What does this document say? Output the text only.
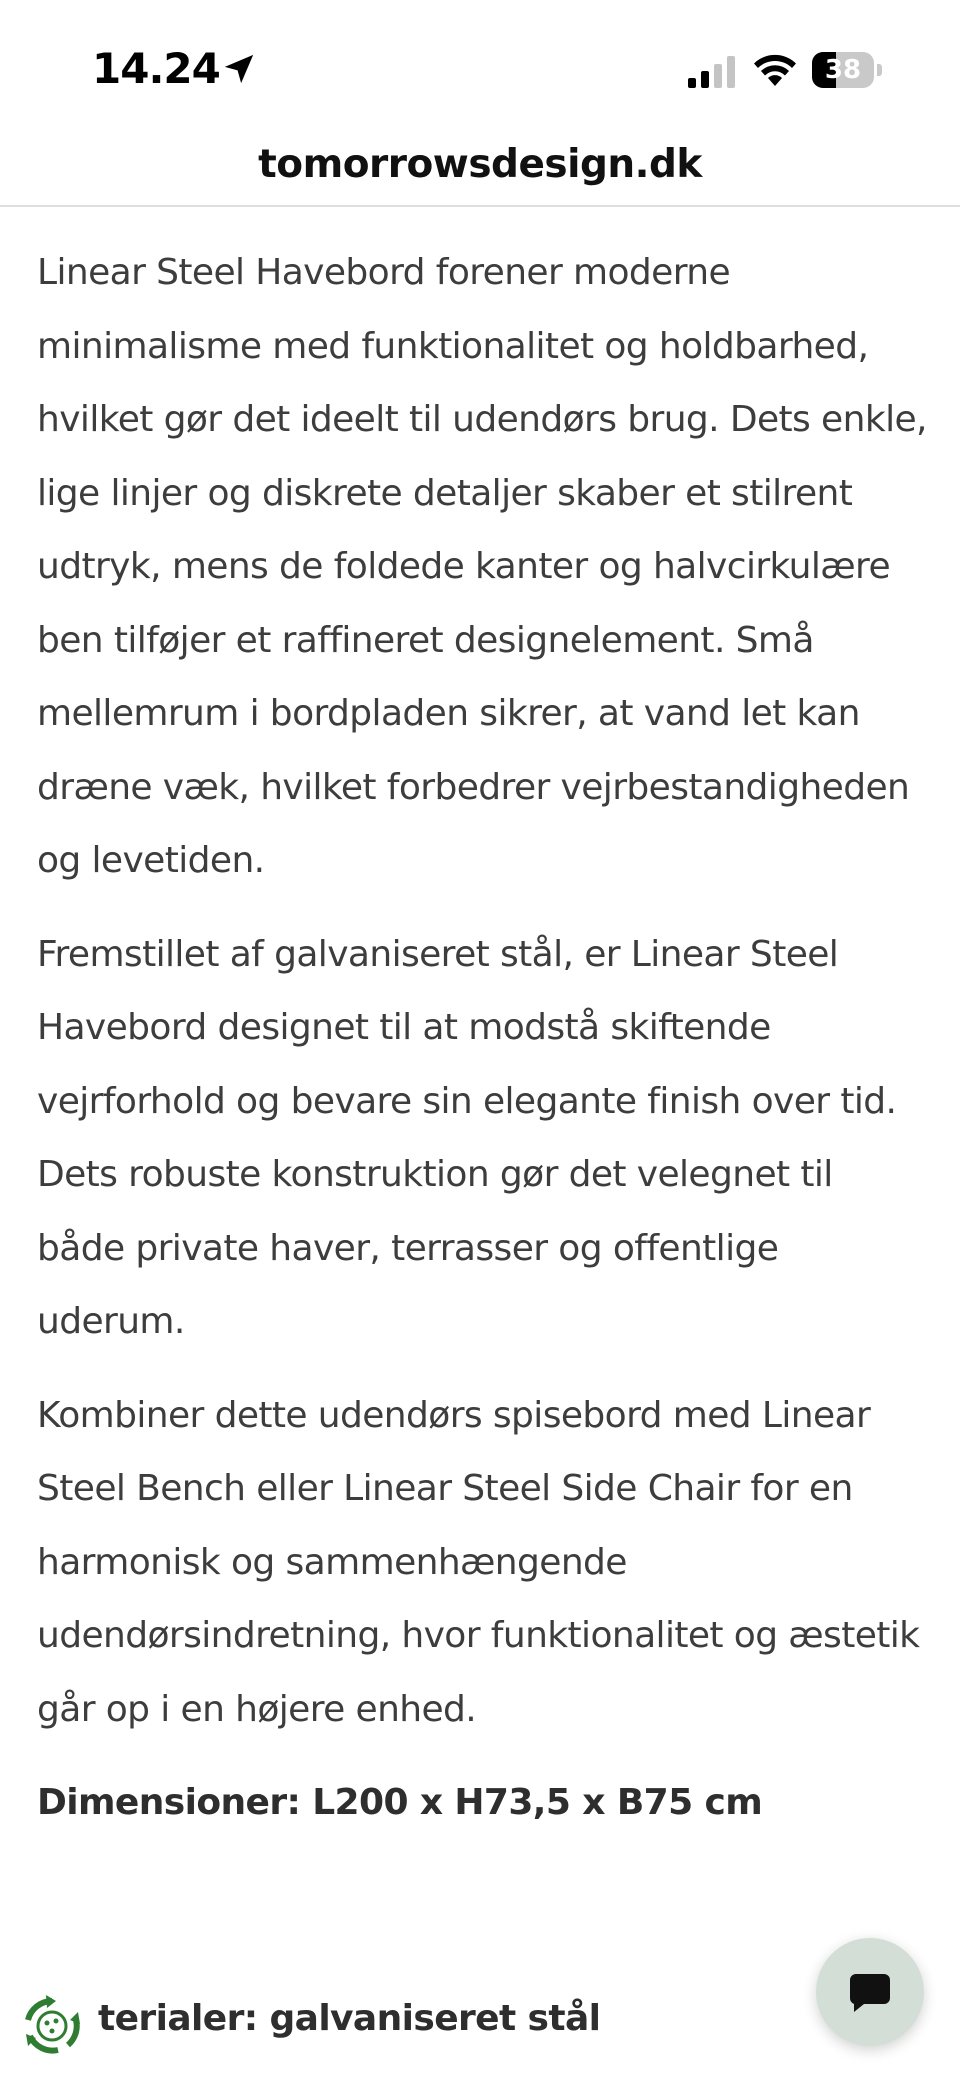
14.24	38
tomorrowsdesign.dk

Linear Steel Havebord forener moderne minimalisme med funktionalitet og holdbarhed, hvilket gør det ideelt til udendørs brug. Dets enkle, lige linjer og diskrete detaljer skaber et stilrent udtryk, mens de foldede kanter og halvcirkulære ben tilføjer et raffineret designelement. Små mellemrum i bordpladen sikrer, at vand let kan dræne væk, hvilket forbedrer vejrbestandigheden og levetiden.

Fremstillet af galvaniseret stål, er Linear Steel Havebord designet til at modstå skiftende vejrforhold og bevare sin elegante finish over tid. Dets robuste konstruktion gør det velegnet til både private haver, terrasser og offentlige uderum.

Kombiner dette udendørs spisebord med Linear Steel Bench eller Linear Steel Side Chair for en harmonisk og sammenhængende udendørsindretning, hvor funktionalitet og æstetik går op i en højere enhed.

Dimensioner: L200 x H73,5 x B75 cm

terialer: galvaniseret stål
